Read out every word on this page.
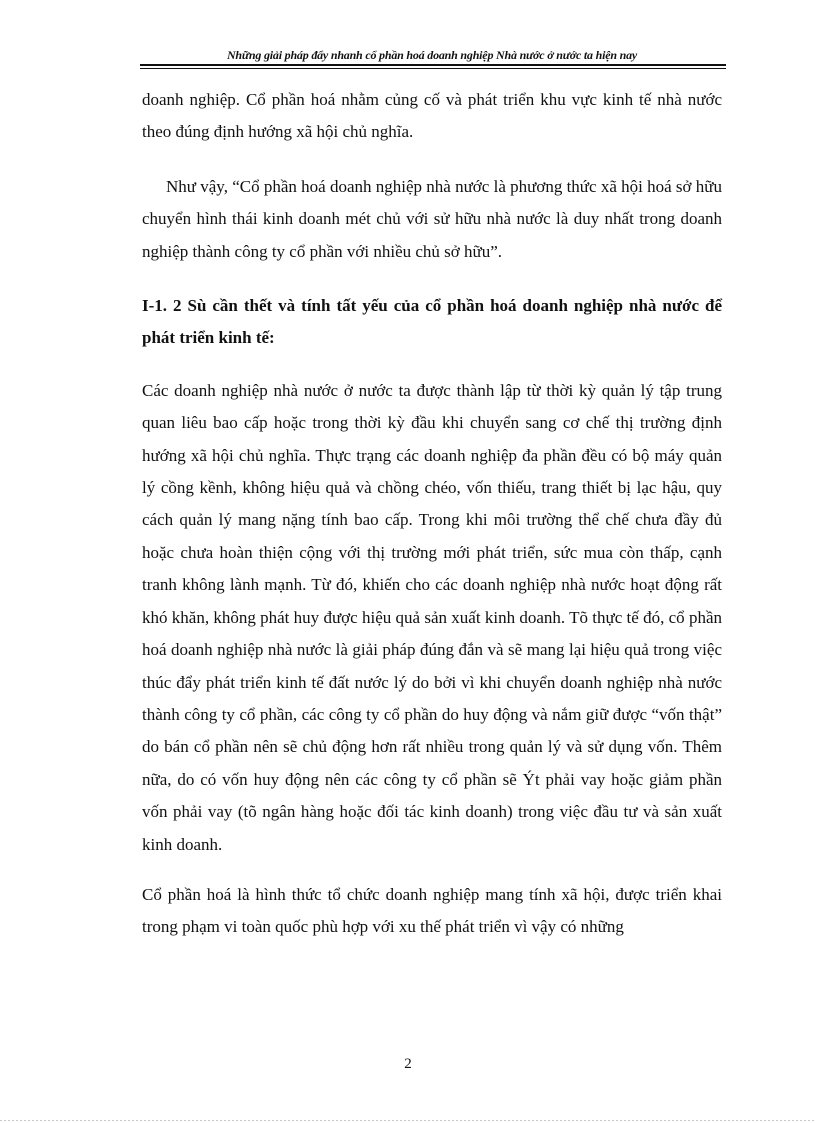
Những giải pháp đẩy nhanh cổ phần hoá doanh nghiệp Nhà nước ở nước ta hiện nay

doanh nghiệp. Cổ phần hoá nhằm củng cố và phát triển khu vực kinh tế nhà nước theo đúng định hướng xã hội chủ nghĩa.

Như vậy, “Cổ phần hoá doanh nghiệp nhà nước là phương thức xã hội hoá sở hữu chuyển hình thái kinh doanh mét chủ với sử hữu nhà nước là duy nhất trong doanh nghiệp thành công ty cổ phần với nhiều chủ sở hữu”.

I-1. 2 Sù cần thết và tính tất yếu của cổ phần hoá doanh nghiệp nhà nước để phát triển kinh tế:

Các doanh nghiệp nhà nước ở nước ta được thành lập từ thời kỳ quản lý tập trung quan liêu bao cấp hoặc trong thời kỳ đầu khi chuyển sang cơ chế thị trường định hướng xã hội chủ nghĩa. Thực trạng các doanh nghiệp đa phần đều có bộ máy quản lý cồng kềnh, không hiệu quả và chồng chéo, vốn thiếu, trang thiết bị lạc hậu, quy cách quản lý mang nặng tính bao cấp. Trong khi môi trường thể chế chưa đầy đủ hoặc chưa hoàn thiện cộng với thị trường mới phát triển, sức mua còn thấp, cạnh tranh không lành mạnh. Từ đó, khiến cho các doanh nghiệp nhà nước hoạt động rất khó khăn, không phát huy được hiệu quả sản xuất kinh doanh. Tõ thực tế đó, cổ phần hoá doanh nghiệp nhà nước là giải pháp đúng đắn và sẽ mang lại hiệu quả trong việc thúc đẩy phát triển kinh tế đất nước lý do bởi vì khi chuyển doanh nghiệp nhà nước thành công ty cổ phần, các công ty cổ phần do huy động và nắm giữ được “vốn thật” do bán cổ phần nên sẽ chủ động hơn rất nhiều trong quản lý và sử dụng vốn. Thêm nữa, do có vốn huy động nên các công ty cổ phần sẽ Ýt phải vay hoặc giảm phần vốn phải vay (tõ ngân hàng hoặc đối tác kinh doanh) trong việc đầu tư và sản xuất kinh doanh.

Cổ phần hoá là hình thức tổ chức doanh nghiệp mang tính xã hội, được triển khai trong phạm vi toàn quốc phù hợp với xu thế phát triển vì vậy có những

2
